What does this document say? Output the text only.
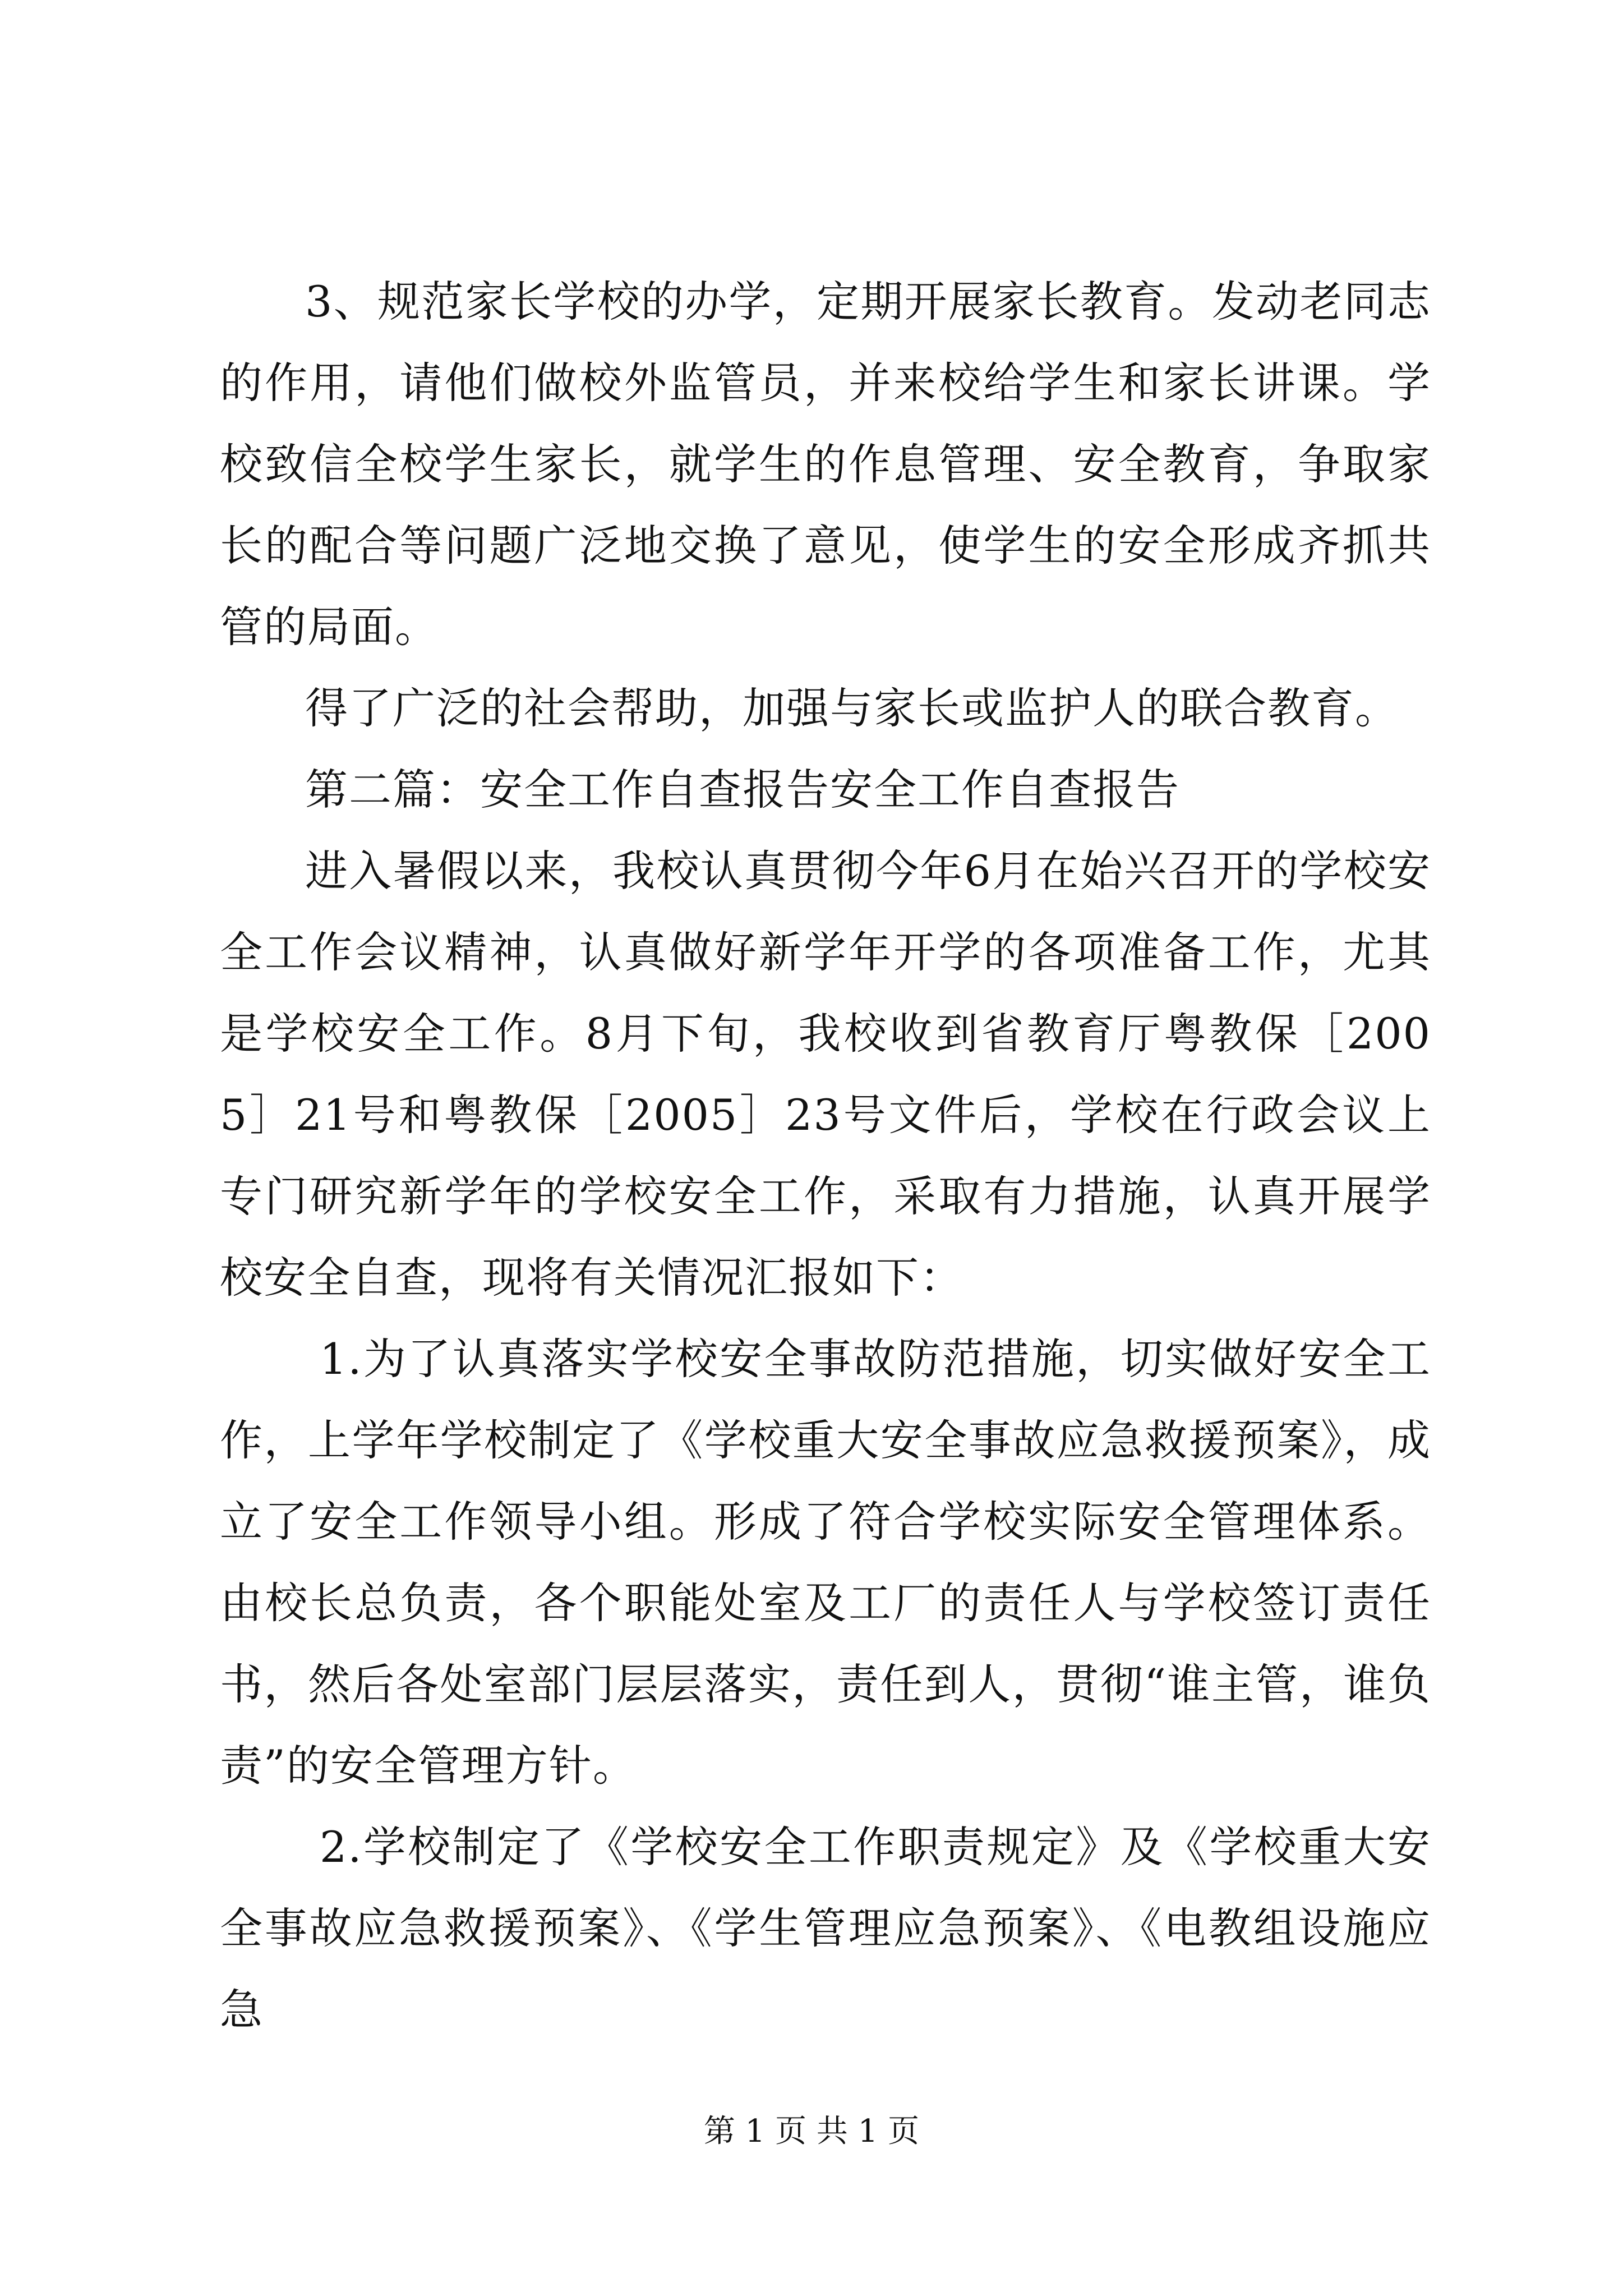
3、规范家长学校的办学，定期开展家长教育。发动老同志的作用，请他们做校外监管员，并来校给学生和家长讲课。学校致信全校学生家长，就学生的作息管理、安全教育，争取家长的配合等问题广泛地交换了意见，使学生的安全形成齐抓共管的局面。

得了广泛的社会帮助，加强与家长或监护人的联合教育。

第二篇：安全工作自查报告安全工作自查报告

进入暑假以来，我校认真贯彻今年6月在始兴召开的学校安全工作会议精神，认真做好新学年开学的各项准备工作，尤其是学校安全工作。8月下旬，我校收到省教育厅粤教保［2005］21号和粤教保［2005］23号文件后，学校在行政会议上专门研究新学年的学校安全工作，采取有力措施，认真开展学校安全自查，现将有关情况汇报如下：

1.为了认真落实学校安全事故防范措施，切实做好安全工作，上学年学校制定了《学校重大安全事故应急救援预案》，成立了安全工作领导小组。形成了符合学校实际安全管理体系。由校长总负责，各个职能处室及工厂的责任人与学校签订责任书，然后各处室部门层层落实，责任到人，贯彻“谁主管，谁负责”的安全管理方针。

2.学校制定了《学校安全工作职责规定》及《学校重大安全事故应急救援预案》、《学生管理应急预案》、《电教组设施应急

第 1 页 共 1 页
